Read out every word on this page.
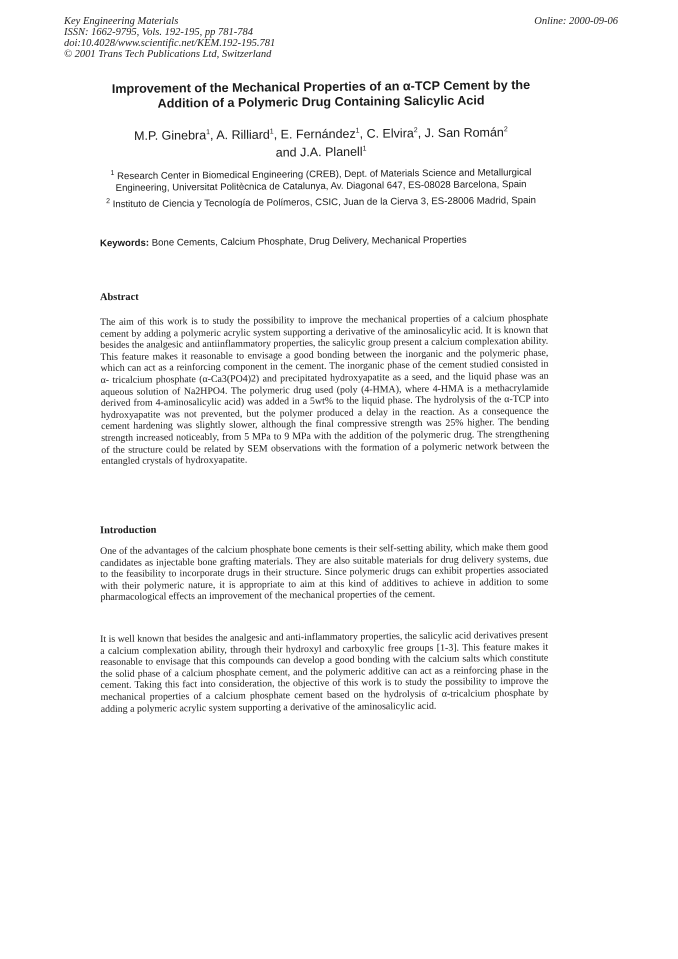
Key Engineering Materials
ISSN: 1662-9795, Vols. 192-195, pp 781-784
doi:10.4028/www.scientific.net/KEM.192-195.781
© 2001 Trans Tech Publications Ltd, Switzerland
Online: 2000-09-06
Improvement of the Mechanical Properties of an α-TCP Cement by the Addition of a Polymeric Drug Containing Salicylic Acid
M.P. Ginebra$^1$, A. Rilliard$^1$, E. Fernández$^1$, C. Elvira$^2$, J. San Román$^2$
and J.A. Planell$^1$
$^1$ Research Center in Biomedical Engineering (CREB), Dept. of Materials Science and Metallurgical Engineering, Universitat Politècnica de Catalunya, Av. Diagonal 647, ES-08028 Barcelona, Spain
$^2$ Instituto de Ciencia y Tecnología de Polímeros, CSIC, Juan de la Cierva 3, ES-28006 Madrid, Spain
Keywords: Bone Cements, Calcium Phosphate, Drug Delivery, Mechanical Properties
Abstract
The aim of this work is to study the possibility to improve the mechanical properties of a calcium phosphate cement by adding a polymeric acrylic system supporting a derivative of the aminosalicylic acid. It is known that besides the analgesic and antiinflammatory properties, the salicylic group present a calcium complexation ability. This feature makes it reasonable to envisage a good bonding between the inorganic and the polymeric phase, which can act as a reinforcing component in the cement. The inorganic phase of the cement studied consisted in α- tricalcium phosphate (α-Ca3(PO4)2) and precipitated hydroxyapatite as a seed, and the liquid phase was an aqueous solution of Na2HPO4. The polymeric drug used (poly (4-HMA), where 4-HMA is a methacrylamide derived from 4-aminosalicylic acid) was added in a 5wt% to the liquid phase. The hydrolysis of the α-TCP into hydroxyapatite was not prevented, but the polymer produced a delay in the reaction. As a consequence the cement hardening was slightly slower, although the final compressive strength was 25% higher. The bending strength increased noticeably, from 5 MPa to 9 MPa with the addition of the polymeric drug. The strengthening of the structure could be related by SEM observations with the formation of a polymeric network between the entangled crystals of hydroxyapatite.
Introduction
One of the advantages of the calcium phosphate bone cements is their self-setting ability, which make them good candidates as injectable bone grafting materials. They are also suitable materials for drug delivery systems, due to the feasibility to incorporate drugs in their structure. Since polymeric drugs can exhibit properties associated with their polymeric nature, it is appropriate to aim at this kind of additives to achieve in addition to some pharmacological effects an improvement of the mechanical properties of the cement.
It is well known that besides the analgesic and anti-inflammatory properties, the salicylic acid derivatives present a calcium complexation ability, through their hydroxyl and carboxylic free groups [1-3]. This feature makes it reasonable to envisage that this compounds can develop a good bonding with the calcium salts which constitute the solid phase of a calcium phosphate cement, and the polymeric additive can act as a reinforcing phase in the cement. Taking this fact into consideration, the objective of this work is to study the possibility to improve the mechanical properties of a calcium phosphate cement based on the hydrolysis of α-tricalcium phosphate by adding a polymeric acrylic system supporting a derivative of the aminosalicylic acid.
